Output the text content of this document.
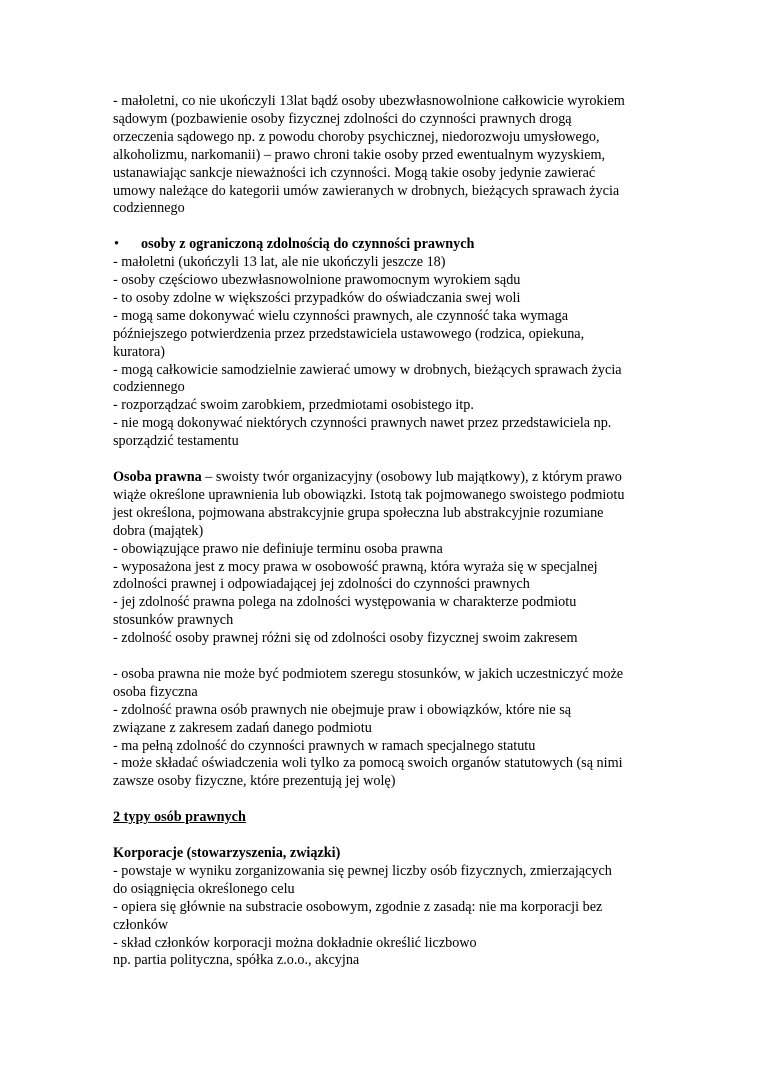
- małoletni, co nie ukończyli 13lat bądź osoby ubezwłasnowolnione całkowicie wyrokiem
sądowym (pozbawienie osoby fizycznej zdolności do czynności prawnych drogą
orzeczenia sądowego np. z powodu choroby psychicznej, niedorozwoju umysłowego,
alkoholizmu, narkomanii) – prawo chroni takie osoby przed ewentualnym wyzyskiem,
ustanawiając sankcje nieważności ich czynności. Mogą takie osoby jedynie zawierać
umowy należące do kategorii umów zawieranych w drobnych, bieżących sprawach życia
codziennego
• osoby z ograniczoną zdolnością do czynności prawnych
- małoletni (ukończyli 13 lat, ale nie ukończyli jeszcze 18)
- osoby częściowo ubezwłasnowolnione prawomocnym wyrokiem sądu
- to osoby zdolne w większości przypadków do oświadczania swej woli
- mogą same dokonywać wielu czynności prawnych, ale czynność taka wymaga
późniejszego potwierdzenia przez przedstawiciela ustawowego (rodzica, opiekuna,
kuratora)
- mogą całkowicie samodzielnie zawierać umowy w drobnych, bieżących sprawach życia
codziennego
- rozporządzać swoim zarobkiem, przedmiotami osobistego itp.
- nie mogą dokonywać niektórych czynności prawnych nawet przez przedstawiciela np.
sporządzić testamentu
Osoba prawna – swoisty twór organizacyjny (osobowy lub majątkowy), z którym prawo
wiąże określone uprawnienia lub obowiązki. Istotą tak pojmowanego swoistego podmiotu
jest określona, pojmowana abstrakcyjnie grupa społeczna lub abstrakcyjnie rozumiane
dobra (majątek)
- obowiązujące prawo nie definiuje terminu osoba prawna
- wyposażona jest z mocy prawa w osobowość prawną, która wyraża się w specjalnej
zdolności prawnej i odpowiadającej jej zdolności do czynności prawnych
- jej zdolność prawna polega na zdolności występowania w charakterze podmiotu
stosunków prawnych
- zdolność osoby prawnej różni się od zdolności osoby fizycznej swoim zakresem
- osoba prawna nie może być podmiotem szeregu stosunków, w jakich uczestniczyć może
osoba fizyczna
- zdolność prawna osób prawnych nie obejmuje praw i obowiązków, które nie są
związane z zakresem zadań danego podmiotu
- ma pełną zdolność do czynności prawnych w ramach specjalnego statutu
- może składać oświadczenia woli tylko za pomocą swoich organów statutowych (są nimi
zawsze osoby fizyczne, które prezentują jej wolę)
2 typy osób prawnych
Korporacje (stowarzyszenia, związki)
- powstaje w wyniku zorganizowania się pewnej liczby osób fizycznych, zmierzających
do osiągnięcia określonego celu
- opiera się głównie na substracie osobowym, zgodnie z zasadą: nie ma korporacji bez
członków
- skład członków korporacji można dokładnie określić liczbowo
np. partia polityczna, spółka z.o.o., akcyjna
